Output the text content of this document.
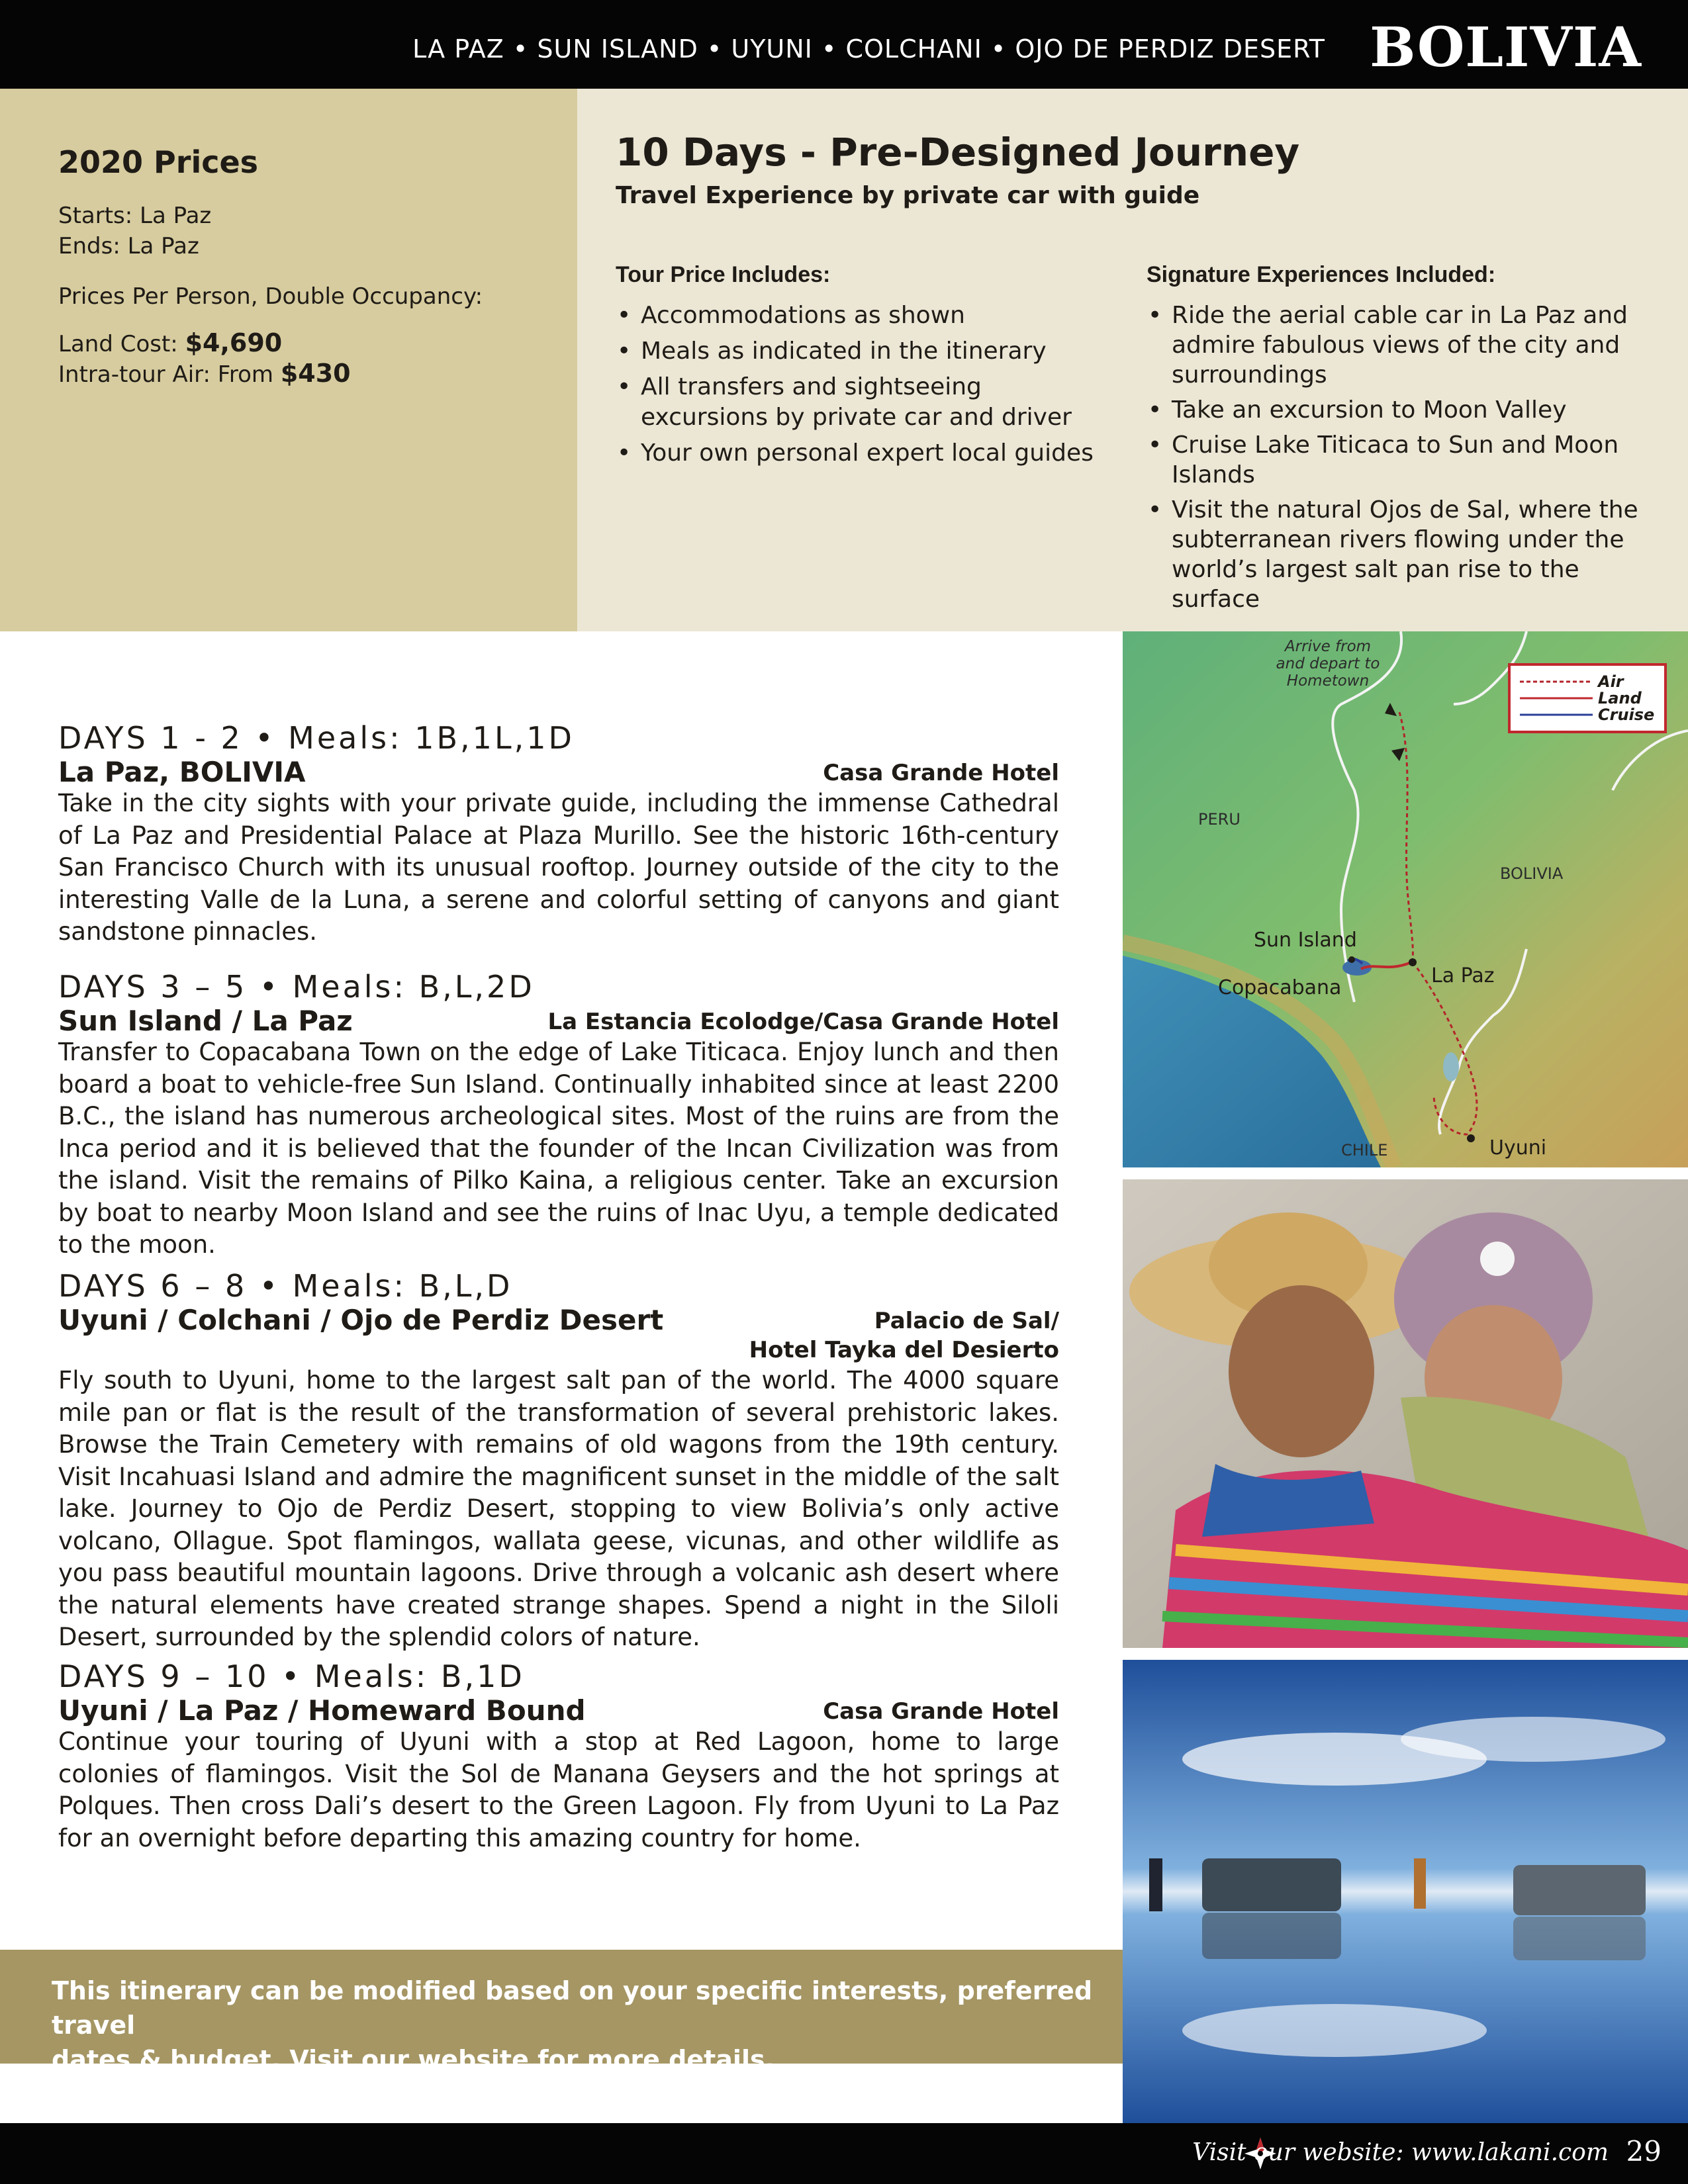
LA PAZ • SUN ISLAND • UYUNI • COLCHANI • OJO DE PERDIZ DESERT BOLIVIA
2020 Prices
Starts: La Paz
Ends: La Paz
Prices Per Person, Double Occupancy:
Land Cost: $4,690
Intra-tour Air: From $430
10 Days - Pre-Designed Journey
Travel Experience by private car with guide
Tour Price Includes:
• Accommodations as shown
• Meals as indicated in the itinerary
• All transfers and sightseeing excursions by private car and driver
• Your own personal expert local guides
Signature Experiences Included:
• Ride the aerial cable car in La Paz and admire fabulous views of the city and surroundings
• Take an excursion to Moon Valley
• Cruise Lake Titicaca to Sun and Moon Islands
• Visit the natural Ojos de Sal, where the subterranean rivers flowing under the world’s largest salt pan rise to the surface
DAYS 1 - 2 • Meals: 1B,1L,1D
La Paz, BOLIVIA	Casa Grande Hotel

Take in the city sights with your private guide, including the immense Cathedral of La Paz and Presidential Palace at Plaza Murillo. See the historic 16th-century San Francisco Church with its unusual rooftop. Journey outside of the city to the interesting Valle de la Luna, a serene and colorful setting of canyons and giant sandstone pinnacles.

DAYS 3 – 5 • Meals: B,L,2D
Sun Island / La Paz	La Estancia Ecolodge/Casa Grande Hotel

Transfer to Copacabana Town on the edge of Lake Titicaca. Enjoy lunch and then board a boat to vehicle-free Sun Island. Continually inhabited since at least 2200 B.C., the island has numerous archeological sites. Most of the ruins are from the Inca period and it is believed that the founder of the Incan Civilization was from the island. Visit the remains of Pilko Kaina, a religious center. Take an excursion by boat to nearby Moon Island and see the ruins of Inac Uyu, a temple dedicated to the moon.

DAYS 6 – 8 • Meals: B,L,D
Uyuni / Colchani / Ojo de Perdiz Desert	Palacio de Sal/
Hotel Tayka del Desierto

Fly south to Uyuni, home to the largest salt pan of the world. The 4000 square mile pan or flat is the result of the transformation of several prehistoric lakes. Browse the Train Cemetery with remains of old wagons from the 19th century. Visit Incahuasi Island and admire the magnificent sunset in the middle of the salt lake. Journey to Ojo de Perdiz Desert, stopping to view Bolivia’s only active volcano, Ollague. Spot flamingos, wallata geese, vicunas, and other wildlife as you pass beautiful mountain lagoons. Drive through a volcanic ash desert where the natural elements have created strange shapes. Spend a night in the Siloli Desert, surrounded by the splendid colors of nature.

DAYS 9 – 10 • Meals: B,1D
Uyuni / La Paz / Homeward Bound	Casa Grande Hotel

Continue your touring of Uyuni with a stop at Red Lagoon, home to large colonies of flamingos. Visit the Sol de Manana Geysers and the hot springs at Polques. Then cross Dali’s desert to the Green Lagoon. Fly from Uyuni to La Paz for an overnight before departing this amazing country for home.

Air
Land
Cruise
Arrive from
and depart to
Hometown
PERU
BOLIVIA
CHILE
Sun Island
Copacabana
La Paz
Uyuni

This itinerary can be modified based on your specific interests, preferred travel
dates & budget. Visit our website for more details.

Visit our website: www.lakani.com 29
